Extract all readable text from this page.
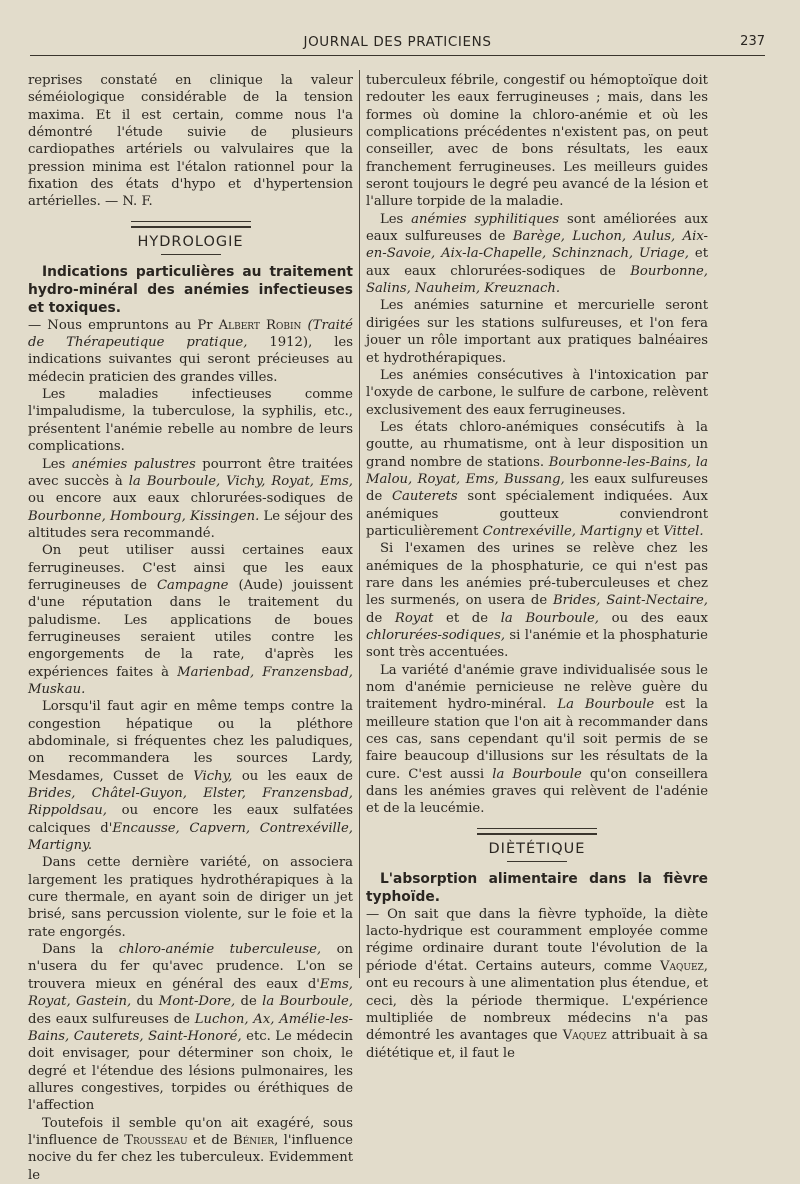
JOURNAL DES PRATICIENS	237

reprises constaté en clinique la valeur séméiologique considérable de la tension maxima. Et il est certain, comme nous l'a démontré l'étude suivie de plusieurs cardiopathes artériels ou valvulaires que la pression minima est l'étalon rationnel pour la fixation des états d'hypo et d'hypertension artérielles. — N. F.

HYDROLOGIE
Indications particulières au traitement hydro-minéral des anémies infectieuses et toxiques.

— Nous empruntons au Pr Albert Robin (Traité de Thérapeutique pratique, 1912), les indications suivantes qui seront précieuses au médecin praticien des grandes villes.

Les maladies infectieuses comme l'impaludisme, la tuberculose, la syphilis, etc., présentent l'anémie rebelle au nombre de leurs complications.

Les anémies palustres pourront être traitées avec succès à la Bourboule, Vichy, Royat, Ems, ou encore aux eaux chlorurées-sodiques de Bourbonne, Hombourg, Kissingen. Le séjour des altitudes sera recommandé.

On peut utiliser aussi certaines eaux ferrugineuses. C'est ainsi que les eaux ferrugineuses de Campagne (Aude) jouissent d'une réputation dans le traitement du paludisme. Les applications de boues ferrugineuses seraient utiles contre les engorgements de la rate, d'après les expériences faites à Marienbad, Franzensbad, Muskau.

Lorsqu'il faut agir en même temps contre la congestion hépatique ou la pléthore abdominale, si fréquentes chez les paludiques, on recommandera les sources Lardy, Mesdames, Cusset de Vichy, ou les eaux de Brides, Châtel-Guyon, Elster, Franzensbad, Rippoldsau, ou encore les eaux sulfatées calciques d'Encausse, Capvern, Contrexéville, Martigny.

Dans cette dernière variété, on associera largement les pratiques hydrothérapiques à la cure thermale, en ayant soin de diriger un jet brisé, sans percussion violente, sur le foie et la rate engorgés.

Dans la chloro-anémie tuberculeuse, on n'usera du fer qu'avec prudence. L'on se trouvera mieux en général des eaux d'Ems, Royat, Gastein, du Mont-Dore, de la Bourboule, des eaux sulfureuses de Luchon, Ax, Amélie-les-Bains, Cauterets, Saint-Honoré, etc. Le médecin doit envisager, pour déterminer son choix, le degré et l'étendue des lésions pulmonaires, les allures congestives, torpides ou éréthiques de l'affection

Toutefois il semble qu'on ait exagéré, sous l'influence de Trousseau et de Bénier, l'influence nocive du fer chez les tuberculeux. Evidemment le

tuberculeux fébrile, congestif ou hémoptoïque doit redouter les eaux ferrugineuses ; mais, dans les formes où domine la chloro-anémie et où les complications précédentes n'existent pas, on peut conseiller, avec de bons résultats, les eaux franchement ferrugineuses. Les meilleurs guides seront toujours le degré peu avancé de la lésion et l'allure torpide de la maladie.

Les anémies syphilitiques sont améliorées aux eaux sulfureuses de Barège, Luchon, Aulus, Aix-en-Savoie, Aix-la-Chapelle, Schinznach, Uriage, et aux eaux chlorurées-sodiques de Bourbonne, Salins, Nauheim, Kreuznach.

Les anémies saturnine et mercurielle seront dirigées sur les stations sulfureuses, et l'on fera jouer un rôle important aux pratiques balnéaires et hydrothérapiques.

Les anémies consécutives à l'intoxication par l'oxyde de carbone, le sulfure de carbone, relèvent exclusivement des eaux ferrugineuses.

Les états chloro-anémiques consécutifs à la goutte, au rhumatisme, ont à leur disposition un grand nombre de stations. Bourbonne-les-Bains, la Malou, Royat, Ems, Bussang, les eaux sulfureuses de Cauterets sont spécialement indiquées. Aux anémiques goutteux conviendront particulièrement Contrexéville, Martigny et Vittel.

Si l'examen des urines se relève chez les anémiques de la phosphaturie, ce qui n'est pas rare dans les anémies pré-tuberculeuses et chez les surmenés, on usera de Brides, Saint-Nectaire, de Royat et de la Bourboule, ou des eaux chlorurées-sodiques, si l'anémie et la phosphaturie sont très accentuées.

La variété d'anémie grave individualisée sous le nom d'anémie pernicieuse ne relève guère du traitement hydro-minéral. La Bourboule est la meilleure station que l'on ait à recommander dans ces cas, sans cependant qu'il soit permis de se faire beaucoup d'illusions sur les résultats de la cure. C'est aussi la Bourboule qu'on conseillera dans les anémies graves qui relèvent de l'adénie et de la leucémie.

DIÈTÉTIQUE
L'absorption alimentaire dans la fièvre typhoïde.

— On sait que dans la fièvre typhoïde, la diète lacto-hydrique est couramment employée comme régime ordinaire durant toute l'évolution de la période d'état. Certains auteurs, comme Vaquez, ont eu recours à une alimentation plus étendue, et ceci, dès la période thermique. L'expérience multipliée de nombreux médecins n'a pas démontré les avantages que Vaquez attribuait à sa diététique et, il faut le
